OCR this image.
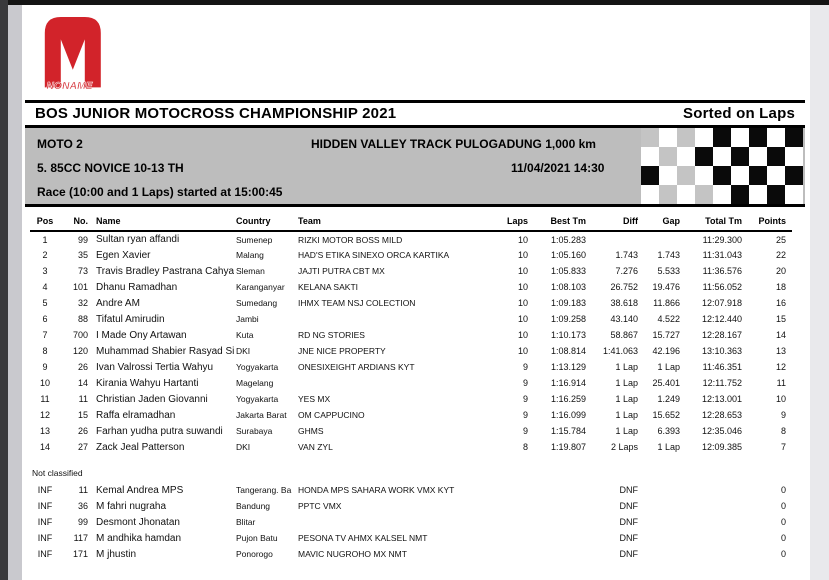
NONAME
BOS JUNIOR MOTOCROSS CHAMPIONSHIP 2021	Sorted on Laps
MOTO 2	HIDDEN VALLEY TRACK PULOGADUNG 1,000 km
5. 85CC NOVICE 10-13 TH	11/04/2021 14:30
Race (10:00 and 1 Laps) started at 15:00:45
Pos	No.	Name	Country	Team	Laps	Best Tm	Diff	Gap	Total Tm	Points
1	99	Sultan ryan affandi	Sumenep	RIZKI MOTOR BOSS MILD	10	1:05.283			11:29.300	25
2	35	Egen Xavier	Malang	HAD'S ETIKA SINEXO ORCA KARTIKA	10	1:05.160	1.743	1.743	11:31.043	22
3	73	Travis Bradley Pastrana Cahya	Sleman	JAJTI PUTRA CBT MX	10	1:05.833	7.276	5.533	11:36.576	20
4	101	Dhanu Ramadhan	Karanganyar	KELANA SAKTI	10	1:08.103	26.752	19.476	11:56.052	18
5	32	Andre AM	Sumedang	IHMX TEAM NSJ COLECTION	10	1:09.183	38.618	11.866	12:07.918	16
6	88	Tifatul Amirudin	Jambi		10	1:09.258	43.140	4.522	12:12.440	15
7	700	I Made Ony Artawan	Kuta	RD NG STORIES	10	1:10.173	58.867	15.727	12:28.167	14
8	120	Muhammad Shabier Rasyad Si	DKI	JNE NICE PROPERTY	10	1:08.814	1:41.063	42.196	13:10.363	13
9	26	Ivan Valrossi Tertia Wahyu	Yogyakarta	ONESIXEIGHT ARDIANS KYT	9	1:13.129	1 Lap	1 Lap	11:46.351	12
10	14	Kirania Wahyu Hartanti	Magelang		9	1:16.914	1 Lap	25.401	12:11.752	11
11	11	Christian Jaden Giovanni	Yogyakarta	YES MX	9	1:16.259	1 Lap	1.249	12:13.001	10
12	15	Raffa elramadhan	Jakarta Barat	OM CAPPUCINO	9	1:16.099	1 Lap	15.652	12:28.653	9
13	26	Farhan yudha putra suwandi	Surabaya	GHMS	9	1:15.784	1 Lap	6.393	12:35.046	8
14	27	Zack Jeal Patterson	DKI	VAN ZYL	8	1:19.807	2 Laps	1 Lap	12:09.385	7
Not classified
INF	11	Kemal Andrea MPS	Tangerang. Ba	HONDA MPS SAHARA WORK VMX KYT			DNF			0
INF	36	M fahri nugraha	Bandung	PPTC VMX			DNF			0
INF	99	Desmont Jhonatan	Blitar				DNF			0
INF	117	M andhika hamdan	Pujon Batu	PESONA TV AHMX KALSEL NMT			DNF			0
INF	171	M jhustin	Ponorogo	MAVIC NUGROHO MX NMT			DNF			0
